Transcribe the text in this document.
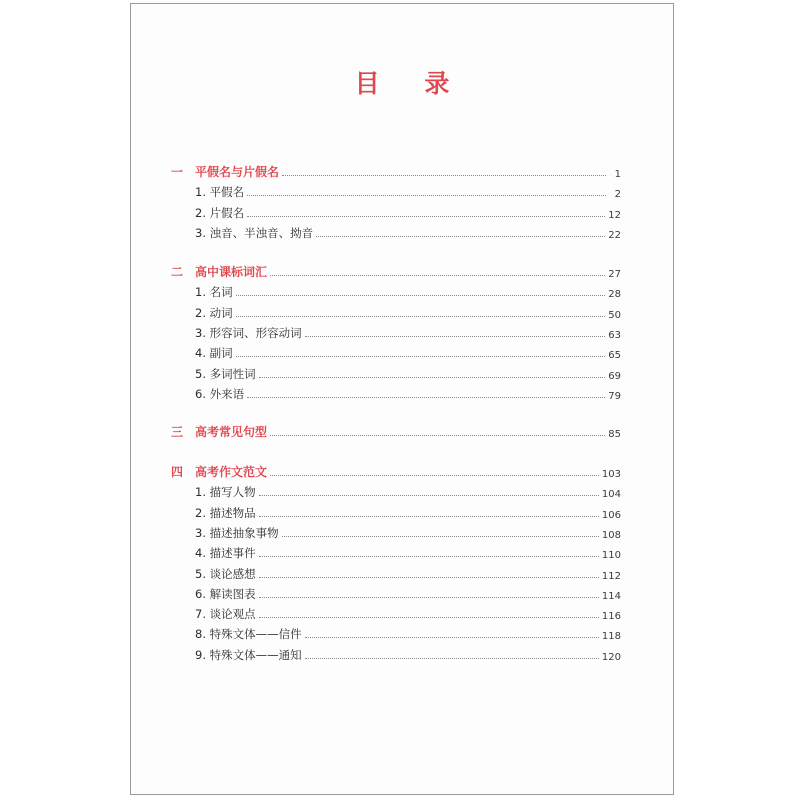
目 录
一 平假名与片假名	1
1. 平假名	2
2. 片假名	12
3. 浊音、半浊音、拗音	22
二 高中课标词汇	27
1. 名词	28
2. 动词	50
3. 形容词、形容动词	63
4. 副词	65
5. 多词性词	69
6. 外来语	79
三 高考常见句型	85
四 高考作文范文	103
1. 描写人物	104
2. 描述物品	106
3. 描述抽象事物	108
4. 描述事件	110
5. 谈论感想	112
6. 解读图表	114
7. 谈论观点	116
8. 特殊文体——信件	118
9. 特殊文体——通知	120
